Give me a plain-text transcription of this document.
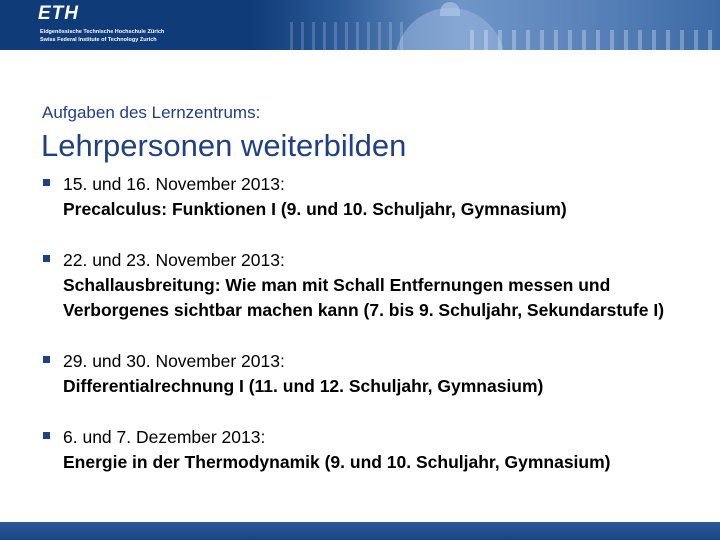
ETH
Eidgenössische Technische Hochschule Zürich
Swiss Federal Institute of Technology Zurich
Aufgaben des Lernzentrums:
Lehrpersonen weiterbilden
15. und 16. November 2013:
Precalculus: Funktionen I (9. und 10. Schuljahr, Gymnasium)
22. und 23. November 2013:
Schallausbreitung: Wie man mit Schall Entfernungen messen und Verborgenes sichtbar machen kann (7. bis 9. Schuljahr, Sekundarstufe I)
29. und 30. November 2013:
Differentialrechnung I (11. und 12. Schuljahr, Gymnasium)
6. und 7. Dezember 2013:
Energie in der Thermodynamik (9. und 10. Schuljahr, Gymnasium)
